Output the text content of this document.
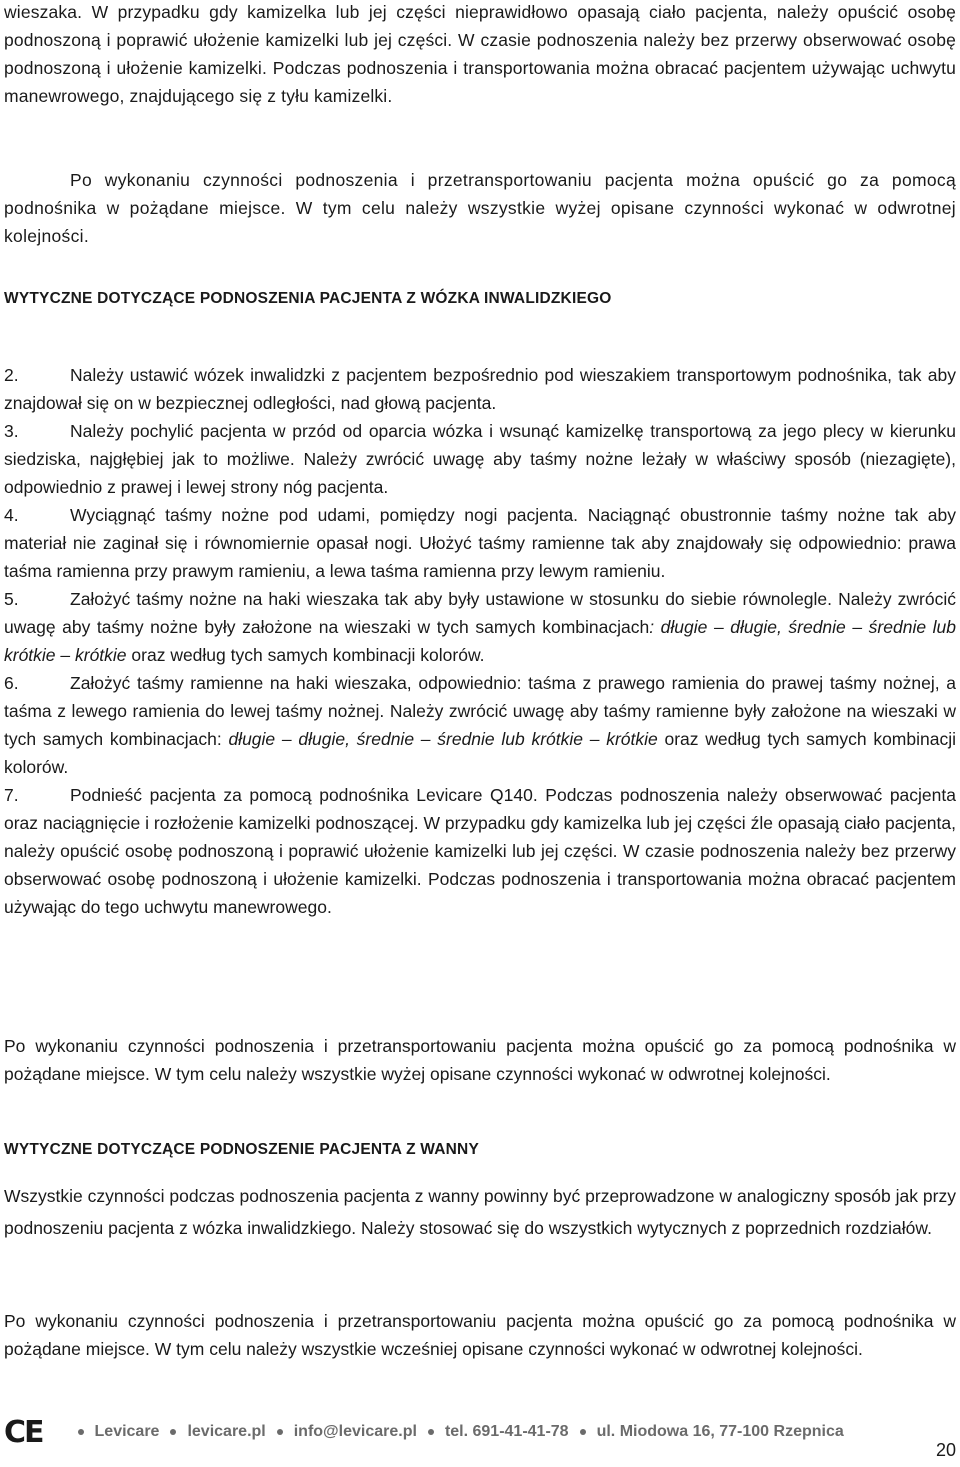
wieszaka. W przypadku gdy kamizelka lub jej części nieprawidłowo opasają ciało pacjenta, należy opuścić osobę podnoszoną i poprawić ułożenie kamizelki lub jej części. W czasie podnoszenia należy bez przerwy obserwować osobę podnoszoną i ułożenie kamizelki. Podczas podnoszenia i transportowania można obracać pacjentem używając uchwytu manewrowego, znajdującego się z tyłu kamizelki.

Po wykonaniu czynności podnoszenia i przetransportowaniu pacjenta można opuścić go za pomocą podnośnika w pożądane miejsce. W tym celu należy wszystkie wyżej opisane czynności wykonać w odwrotnej kolejności.

WYTYCZNE DOTYCZĄCE PODNOSZENIA PACJENTA Z WÓZKA INWALIDZKIEGO

2.	Należy ustawić wózek inwalidzki z pacjentem bezpośrednio pod wieszakiem transportowym podnośnika, tak aby znajdował się on w bezpiecznej odległości, nad głową pacjenta.

3.	Należy pochylić pacjenta w przód od oparcia wózka i wsunąć kamizelkę transportową za jego plecy w kierunku siedziska, najgłębiej jak to możliwe. Należy zwrócić uwagę aby taśmy nożne leżały w właściwy sposób (niezagięte), odpowiednio z prawej i lewej strony nóg pacjenta.

4.	Wyciągnąć taśmy nożne pod udami, pomiędzy nogi pacjenta. Naciągnąć obustronnie taśmy nożne tak aby materiał nie zaginał się i równomiernie opasał nogi. Ułożyć taśmy ramienne tak aby znajdowały się odpowiednio: prawa taśma ramienna przy prawym ramieniu, a lewa taśma ramienna przy lewym ramieniu.

5.	Założyć taśmy nożne na haki wieszaka tak aby były ustawione w stosunku do siebie równolegle. Należy zwrócić uwagę aby taśmy nożne były założone na wieszaki w tych samych kombinacjach: długie – długie, średnie – średnie lub krótkie – krótkie oraz według tych samych kombinacji kolorów.

6.	Założyć taśmy ramienne na haki wieszaka, odpowiednio: taśma z prawego ramienia do prawej taśmy nożnej, a taśma z lewego ramienia do lewej taśmy nożnej. Należy zwrócić uwagę aby taśmy ramienne były założone na wieszaki w tych samych kombinacjach: długie – długie, średnie – średnie lub krótkie – krótkie oraz według tych samych kombinacji kolorów.

7.	Podnieść pacjenta za pomocą podnośnika Levicare Q140. Podczas podnoszenia należy obserwować pacjenta oraz naciągnięcie i rozłożenie kamizelki podnoszącej. W przypadku gdy kamizelka lub jej części źle opasają ciało pacjenta, należy opuścić osobę podnoszoną i poprawić ułożenie kamizelki lub jej części. W czasie podnoszenia należy bez przerwy obserwować osobę podnoszoną i ułożenie kamizelki. Podczas podnoszenia i transportowania można obracać pacjentem używając do tego uchwytu manewrowego.

Po wykonaniu czynności podnoszenia i przetransportowaniu pacjenta można opuścić go za pomocą podnośnika w pożądane miejsce. W tym celu należy wszystkie wyżej opisane czynności wykonać w odwrotnej kolejności.

WYTYCZNE DOTYCZĄCE PODNOSZENIE PACJENTA Z WANNY

Wszystkie czynności podczas podnoszenia pacjenta z wanny powinny być przeprowadzone w analogiczny sposób jak przy podnoszeniu pacjenta z wózka inwalidzkiego. Należy stosować się do wszystkich wytycznych z poprzednich rozdziałów.

Po wykonaniu czynności podnoszenia i przetransportowaniu pacjenta można opuścić go za pomocą podnośnika w pożądane miejsce. W tym celu należy wszystkie wcześniej opisane czynności wykonać w odwrotnej kolejności.

CE	Levicare levicare.pl info@levicare.pl tel. 691-41-41-78 ul. Miodowa 16, 77-100 Rzepnica
20
